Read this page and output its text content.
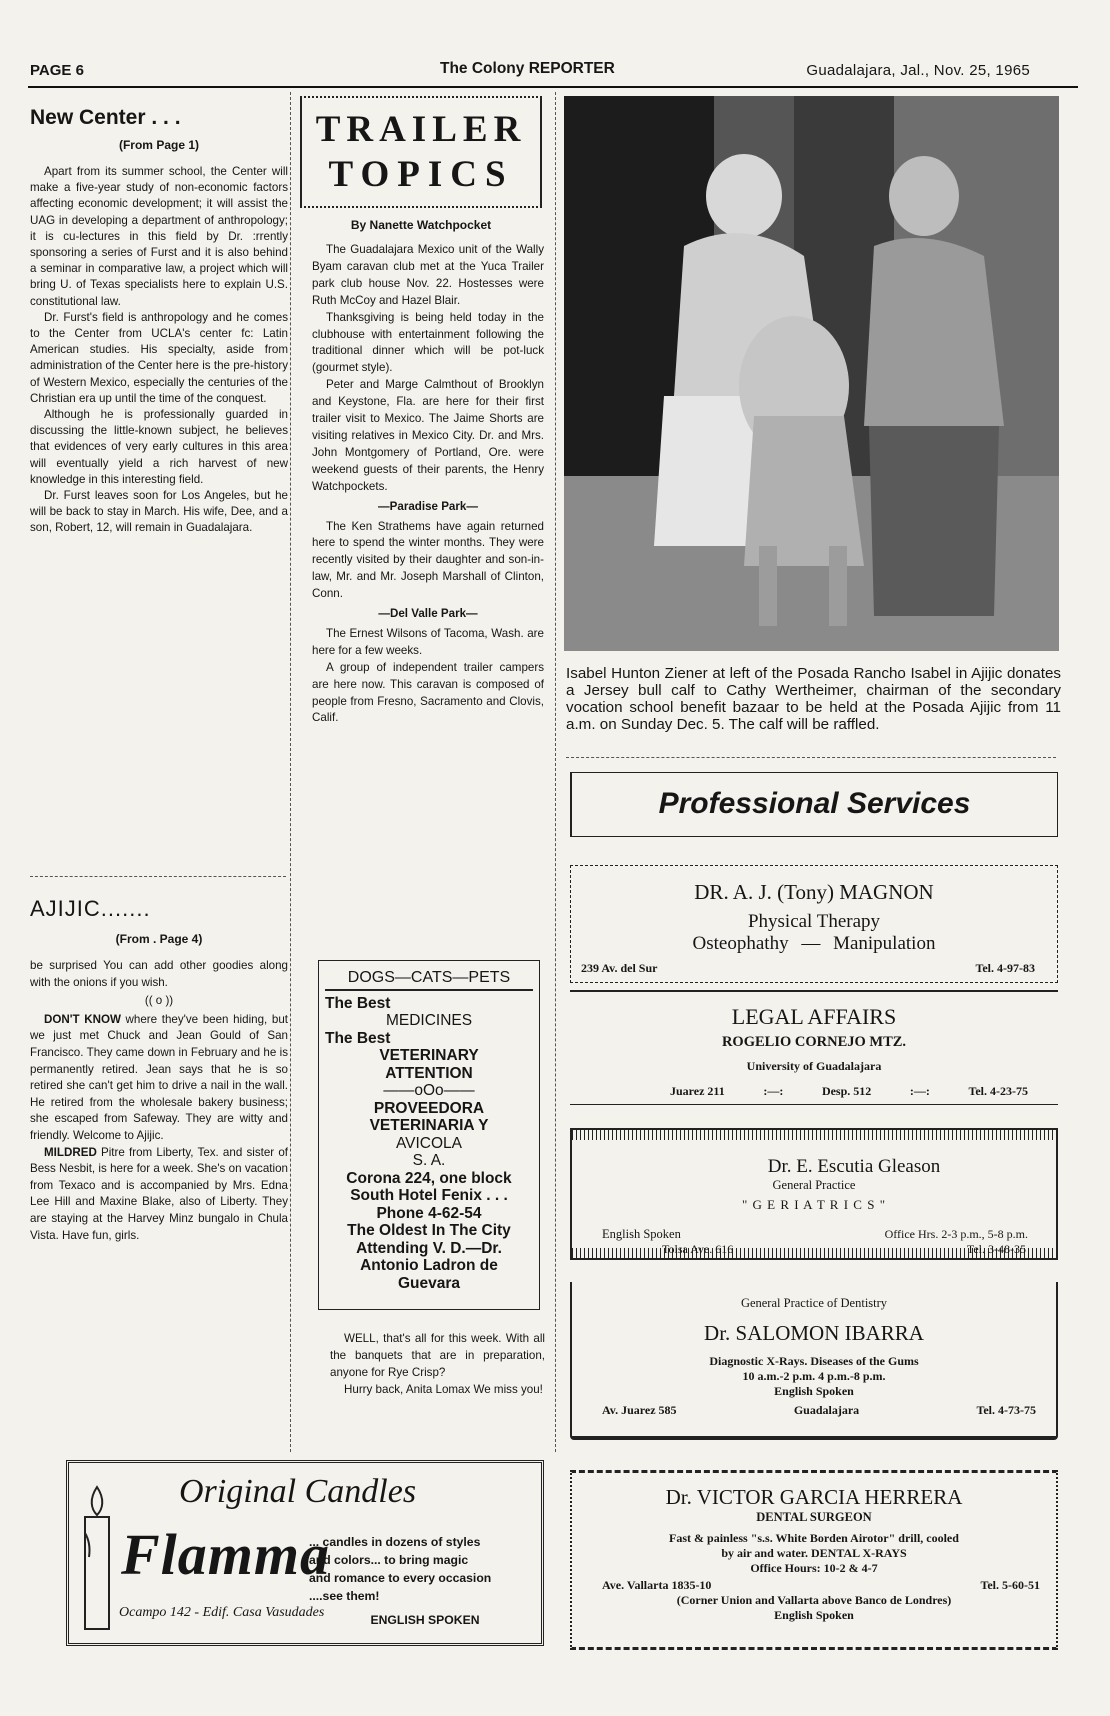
PAGE 6	The Colony REPORTER	Guadalajara, Jal., Nov. 25, 1965
New Center . . .
(From Page 1)

Apart from its summer school, the Center will make a five-year study of non-economic factors affecting economic development; it will assist the UAG in developing a department of anthropology; it is cu-lectures in this field by Dr. :rrently sponsoring a series of Furst and it is also behind a seminar in comparative law, a project which will bring U. of Texas specialists here to explain U.S. constitutional law.

Dr. Furst's field is anthropology and he comes to the Center from UCLA's center fc: Latin American studies. His specialty, aside from administration of the Center here is the pre-history of Western Mexico, especially the centuries of the Christian era up until the time of the conquest.

Although he is professionally guarded in discussing the little-known subject, he believes that evidences of very early cultures in this area will eventually yield a rich harvest of new knowledge in this interesting field.

Dr. Furst leaves soon for Los Angeles, but he will be back to stay in March. His wife, Dee, and a son, Robert, 12, will remain in Guadalajara.

AJIJIC.......
(From . Page 4)

be surprised You can add other goodies along with the onions if you wish.

(( o ))

DON'T KNOW where they've been hiding, but we just met Chuck and Jean Gould of San Francisco. They came down in February and he is permanently retired. Jean says that he is so retired she can't get him to drive a nail in the wall. He retired from the wholesale bakery business; she escaped from Safeway. They are witty and friendly. Welcome to Ajijic.

MILDRED Pitre from Liberty, Tex. and sister of Bess Nesbit, is here for a week. She's on vacation from Texaco and is accompanied by Mrs. Edna Lee Hill and Maxine Blake, also of Liberty. They are staying at the Harvey Minz bungalo in Chula Vista. Have fun, girls.

TRAILER
TOPICS
By Nanette Watchpocket

The Guadalajara Mexico unit of the Wally Byam caravan club met at the Yuca Trailer park club house Nov. 22. Hostesses were Ruth McCoy and Hazel Blair.

Thanksgiving is being held today in the clubhouse with entertainment following the traditional dinner which will be pot-luck (gourmet style).

Peter and Marge Calmthout of Brooklyn and Keystone, Fla. are here for their first trailer visit to Mexico. The Jaime Shorts are visiting relatives in Mexico City. Dr. and Mrs. John Montgomery of Portland, Ore. were weekend guests of their parents, the Henry Watchpockets.

—Paradise Park—

The Ken Strathems have again returned here to spend the winter months. They were recently visited by their daughter and son-in-law, Mr. and Mr. Joseph Marshall of Clinton, Conn.

—Del Valle Park—

The Ernest Wilsons of Tacoma, Wash. are here for a few weeks.

A group of independent trailer campers are here now. This caravan is composed of people from Fresno, Sacramento and Clovis, Calif.

DOGS—CATS—PETS
The Best
MEDICINES
The Best
VETERINARY
ATTENTION
——oOo——
PROVEEDORA
VETERINARIA Y
AVICOLA
S. A.
Corona 224, one block
South Hotel Fenix . . .
Phone 4-62-54
The Oldest In The City
Attending V. D.—Dr.
Antonio Ladron de
Guevara

WELL, that's all for this week. With all the banquets that are in preparation, anyone for Rye Crisp?

Hurry back, Anita Lomax We miss you!

Isabel Hunton Ziener at left of the Posada Rancho Isabel in Ajijic donates a Jersey bull calf to Cathy Wertheimer, chairman of the secondary vocation school benefit bazaar to be held at the Posada Ajijic from 11 a.m. on Sunday Dec. 5. The calf will be raffled.
Professional Services
DR. A. J. (Tony) MAGNON
Physical Therapy
Osteophathy — Manipulation
239 Av. del Sur	Tel. 4-97-83
LEGAL AFFAIRS
ROGELIO CORNEJO MTZ.
University of Guadalajara
Juarez 211	:—:	Desp. 512	:—:	Tel. 4-23-75
Dr. E. Escutia Gleason
General Practice
" G E R I A T R I C S "
English Spoken	Office Hrs. 2-3 p.m., 5-8 p.m.
Tolsa Ave. 616	Tel. 3-48-35
General Practice of Dentistry
Dr. SALOMON IBARRA
Diagnostic X-Rays. Diseases of the Gums
10 a.m.-2 p.m. 4 p.m.-8 p.m.
English Spoken
Av. Juarez 585	Guadalajara	Tel. 4-73-75
Dr. VICTOR GARCIA HERRERA
DENTAL SURGEON
Fast & painless "s.s. White Borden Airotor" drill, cooled
by air and water. DENTAL X-RAYS
Office Hours: 10-2 & 4-7
Ave. Vallarta 1835-10	Tel. 5-60-51
(Corner Union and Vallarta above Banco de Londres)
English Spoken
Original Candles
Flamma
Ocampo 142 - Edif. Casa Vasudades
... candles in dozens of styles
and colors... to bring magic
and romance to every occasion
....see them!
ENGLISH SPOKEN
